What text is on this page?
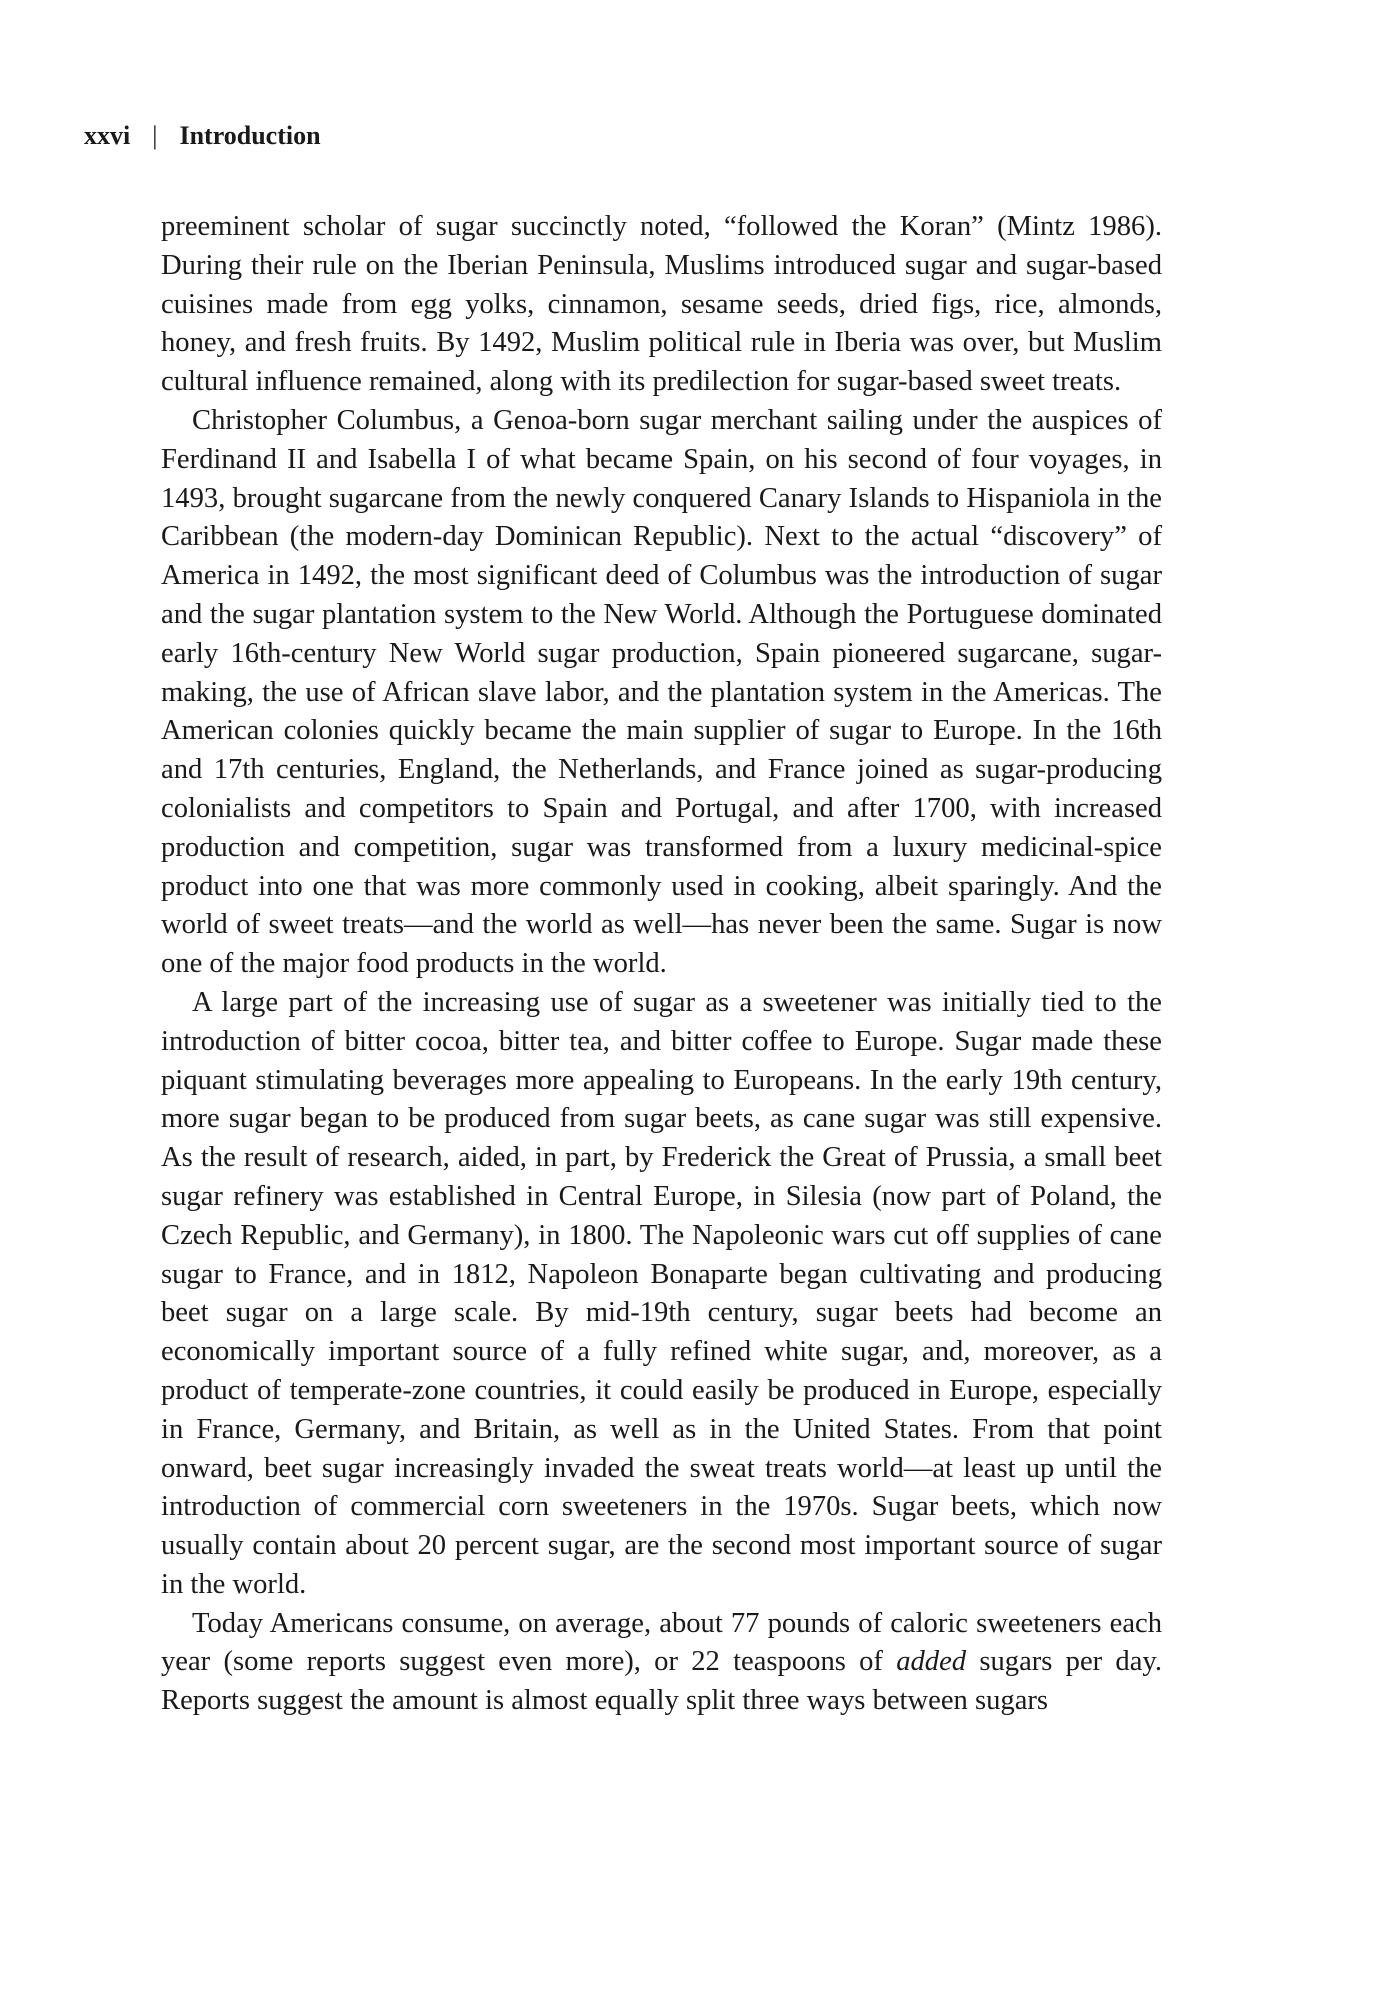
xxvi | Introduction

preeminent scholar of sugar succinctly noted, “followed the Koran” (Mintz 1986). During their rule on the Iberian Peninsula, Muslims introduced sugar and sugar-based cuisines made from egg yolks, cinnamon, sesame seeds, dried figs, rice, almonds, honey, and fresh fruits. By 1492, Muslim political rule in Iberia was over, but Muslim cultural influence remained, along with its predilection for sugar-based sweet treats.

Christopher Columbus, a Genoa-born sugar merchant sailing under the auspices of Ferdinand II and Isabella I of what became Spain, on his second of four voyages, in 1493, brought sugarcane from the newly conquered Canary Islands to Hispaniola in the Caribbean (the modern-day Dominican Republic). Next to the actual “discovery” of America in 1492, the most significant deed of Columbus was the introduction of sugar and the sugar plantation system to the New World. Although the Portuguese dominated early 16th-century New World sugar production, Spain pioneered sugarcane, sugar-making, the use of African slave labor, and the plantation system in the Americas. The American colonies quickly became the main supplier of sugar to Europe. In the 16th and 17th centuries, England, the Netherlands, and France joined as sugar-producing colonialists and competitors to Spain and Portugal, and after 1700, with increased production and competition, sugar was transformed from a luxury medicinal-spice product into one that was more commonly used in cooking, albeit sparingly. And the world of sweet treats—and the world as well—has never been the same. Sugar is now one of the major food products in the world.

A large part of the increasing use of sugar as a sweetener was initially tied to the introduction of bitter cocoa, bitter tea, and bitter coffee to Europe. Sugar made these piquant stimulating beverages more appealing to Europeans. In the early 19th century, more sugar began to be produced from sugar beets, as cane sugar was still expensive. As the result of research, aided, in part, by Frederick the Great of Prussia, a small beet sugar refinery was established in Central Europe, in Silesia (now part of Poland, the Czech Republic, and Germany), in 1800. The Napoleonic wars cut off supplies of cane sugar to France, and in 1812, Napoleon Bonaparte began cultivating and producing beet sugar on a large scale. By mid-19th century, sugar beets had become an economically important source of a fully refined white sugar, and, moreover, as a product of temperate-zone countries, it could easily be produced in Europe, especially in France, Germany, and Britain, as well as in the United States. From that point onward, beet sugar increasingly invaded the sweat treats world—at least up until the introduction of commercial corn sweeteners in the 1970s. Sugar beets, which now usually contain about 20 percent sugar, are the second most important source of sugar in the world.

Today Americans consume, on average, about 77 pounds of caloric sweeteners each year (some reports suggest even more), or 22 teaspoons of added sugars per day. Reports suggest the amount is almost equally split three ways between sugars
